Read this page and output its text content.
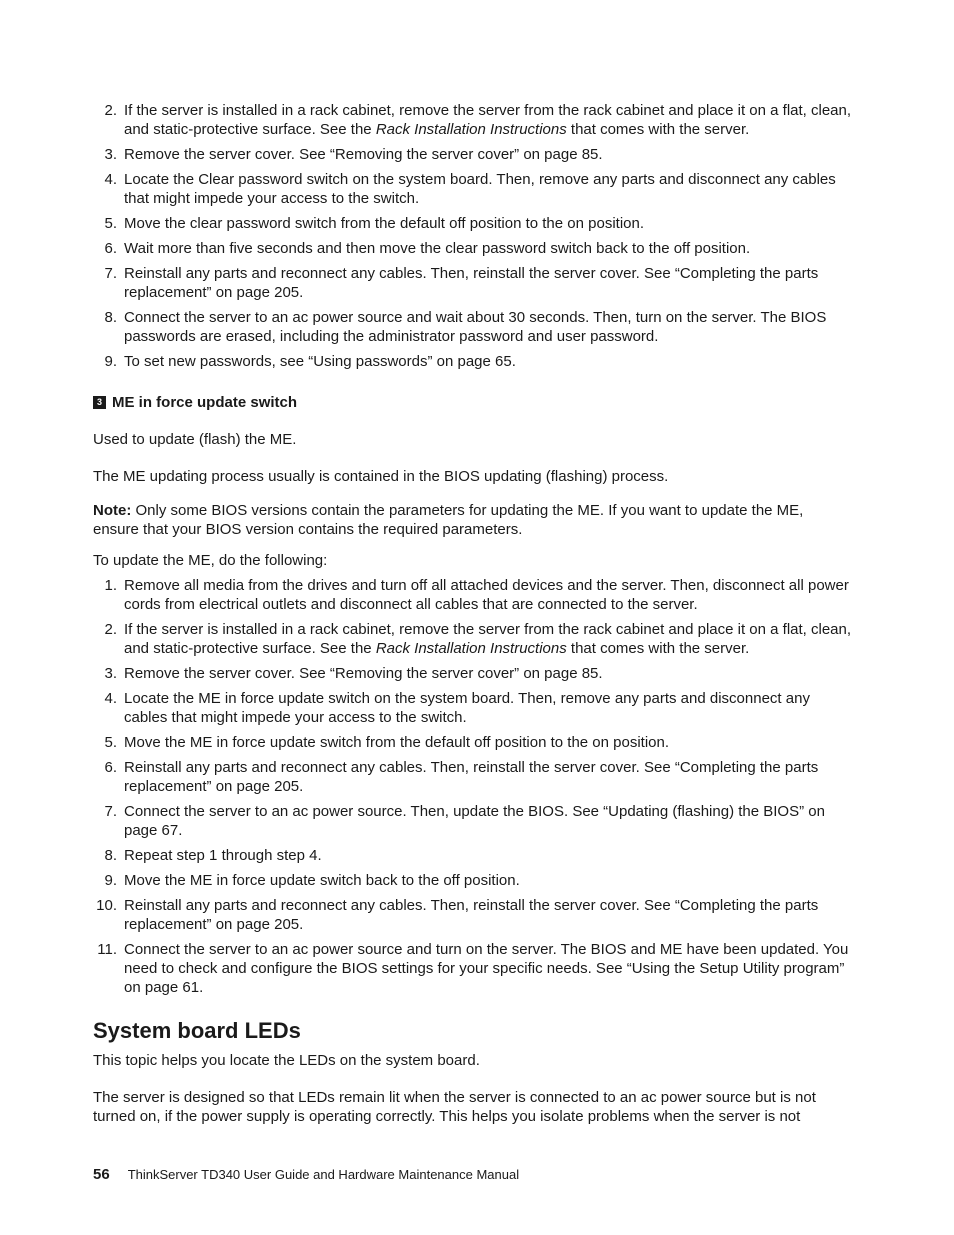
2. If the server is installed in a rack cabinet, remove the server from the rack cabinet and place it on a flat, clean, and static-protective surface. See the Rack Installation Instructions that comes with the server.
3. Remove the server cover. See “Removing the server cover” on page 85.
4. Locate the Clear password switch on the system board. Then, remove any parts and disconnect any cables that might impede your access to the switch.
5. Move the clear password switch from the default off position to the on position.
6. Wait more than five seconds and then move the clear password switch back to the off position.
7. Reinstall any parts and reconnect any cables. Then, reinstall the server cover. See “Completing the parts replacement” on page 205.
8. Connect the server to an ac power source and wait about 30 seconds. Then, turn on the server. The BIOS passwords are erased, including the administrator password and user password.
9. To set new passwords, see “Using passwords” on page 65.
3 ME in force update switch

Used to update (flash) the ME.

The ME updating process usually is contained in the BIOS updating (flashing) process.

Note: Only some BIOS versions contain the parameters for updating the ME. If you want to update the ME, ensure that your BIOS version contains the required parameters.

To update the ME, do the following:

1. Remove all media from the drives and turn off all attached devices and the server. Then, disconnect all power cords from electrical outlets and disconnect all cables that are connected to the server.
2. If the server is installed in a rack cabinet, remove the server from the rack cabinet and place it on a flat, clean, and static-protective surface. See the Rack Installation Instructions that comes with the server.
3. Remove the server cover. See “Removing the server cover” on page 85.
4. Locate the ME in force update switch on the system board. Then, remove any parts and disconnect any cables that might impede your access to the switch.
5. Move the ME in force update switch from the default off position to the on position.
6. Reinstall any parts and reconnect any cables. Then, reinstall the server cover. See “Completing the parts replacement” on page 205.
7. Connect the server to an ac power source. Then, update the BIOS. See “Updating (flashing) the BIOS” on page 67.
8. Repeat step 1 through step 4.
9. Move the ME in force update switch back to the off position.
10. Reinstall any parts and reconnect any cables. Then, reinstall the server cover. See “Completing the parts replacement” on page 205.
11. Connect the server to an ac power source and turn on the server. The BIOS and ME have been updated. You need to check and configure the BIOS settings for your specific needs. See “Using the Setup Utility program” on page 61.
System board LEDs

This topic helps you locate the LEDs on the system board.

The server is designed so that LEDs remain lit when the server is connected to an ac power source but is not turned on, if the power supply is operating correctly. This helps you isolate problems when the server is not

56 ThinkServer TD340 User Guide and Hardware Maintenance Manual
